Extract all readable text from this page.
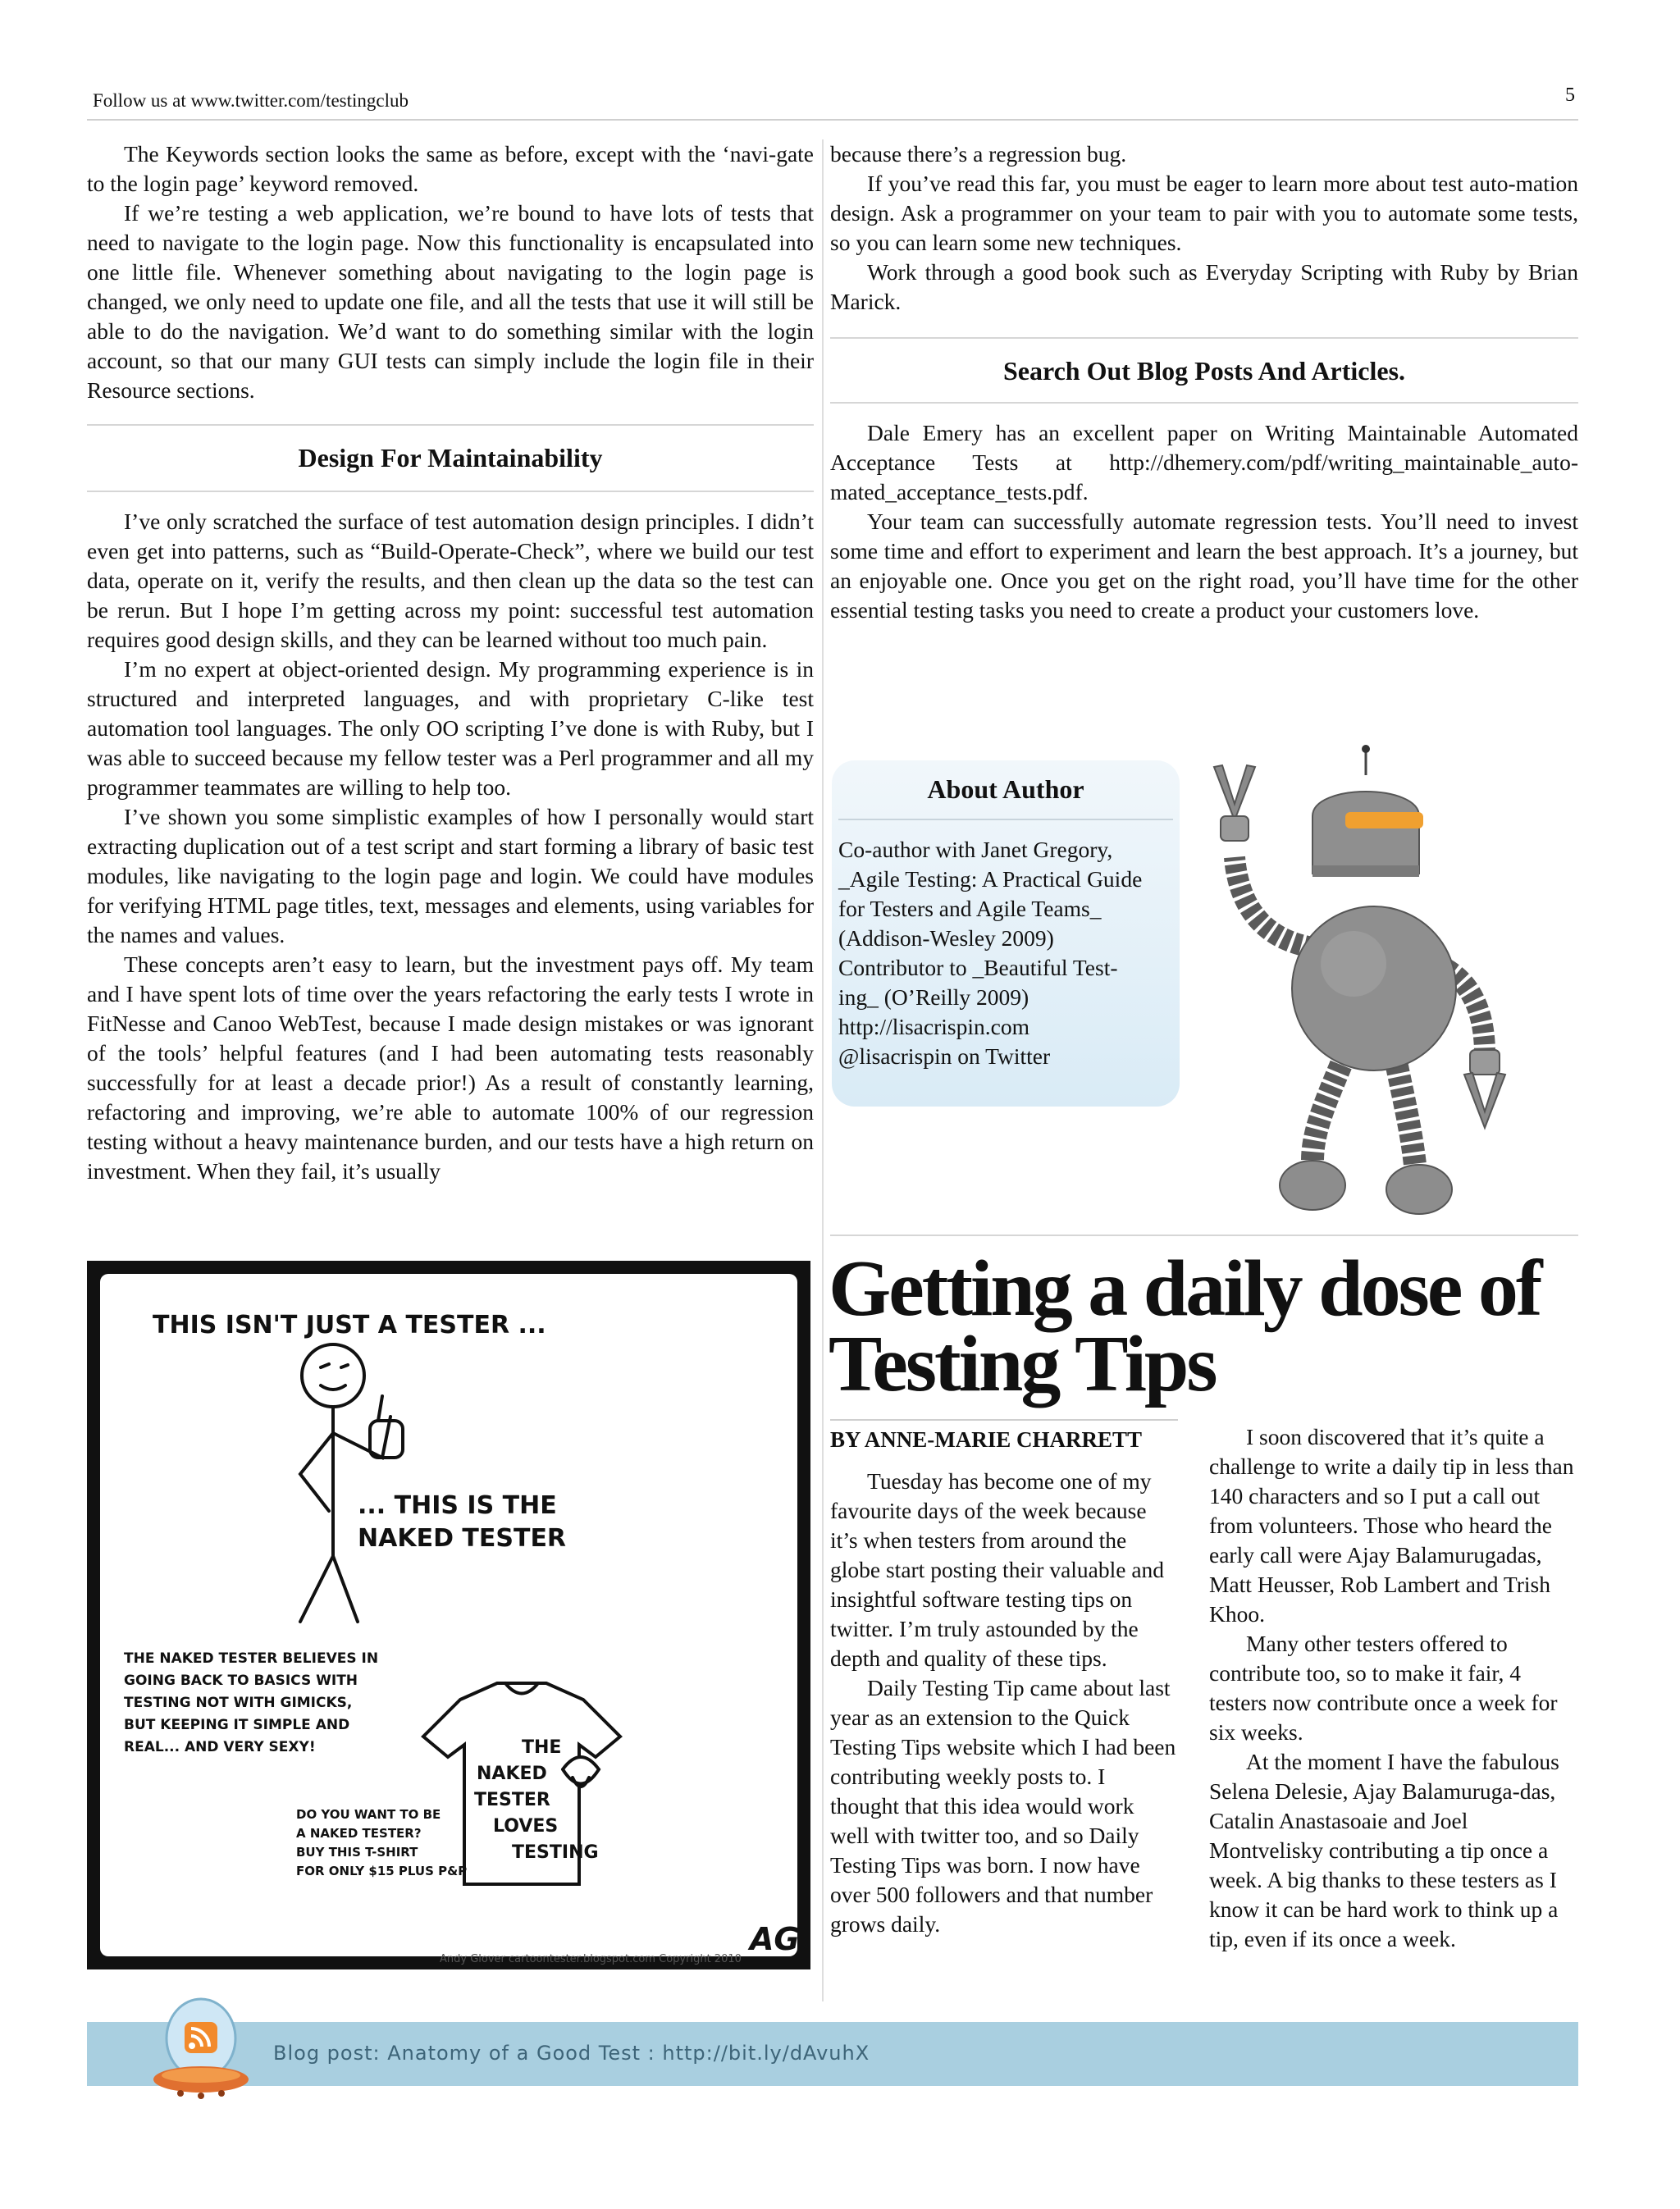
Follow us at www.twitter.com/testingclub	5

The Keywords section looks the same as before, except with the ‘navi-gate to the login page’ keyword removed.

If we’re testing a web application, we’re bound to have lots of tests that need to navigate to the login page. Now this functionality is encapsulated into one little file. Whenever something about navigating to the login page is changed, we only need to update one file, and all the tests that use it will still be able to do the navigation. We’d want to do something similar with the login account, so that our many GUI tests can simply include the login file in their Resource sections.

Design For Maintainability

I’ve only scratched the surface of test automation design principles. I didn’t even get into patterns, such as “Build-Operate-Check”, where we build our test data, operate on it, verify the results, and then clean up the data so the test can be rerun. But I hope I’m getting across my point: successful test automation requires good design skills, and they can be learned without too much pain.

I’m no expert at object-oriented design. My programming experience is in structured and interpreted languages, and with proprietary C-like test automation tool languages. The only OO scripting I’ve done is with Ruby, but I was able to succeed because my fellow tester was a Perl programmer and all my programmer teammates are willing to help too.

I’ve shown you some simplistic examples of how I personally would start extracting duplication out of a test script and start forming a library of basic test modules, like navigating to the login page and login. We could have modules for verifying HTML page titles, text, messages and elements, using variables for the names and values.

These concepts aren’t easy to learn, but the investment pays off. My team and I have spent lots of time over the years refactoring the early tests I wrote in FitNesse and Canoo WebTest, because I made design mistakes or was ignorant of the tools’ helpful features (and I had been automating tests reasonably successfully for at least a decade prior!) As a result of constantly learning, refactoring and improving, we’re able to automate 100% of our regression testing without a heavy maintenance burden, and our tests have a high return on investment. When they fail, it’s usually

because there’s a regression bug.

If you’ve read this far, you must be eager to learn more about test auto-mation design. Ask a programmer on your team to pair with you to automate some tests, so you can learn some new techniques.

Work through a good book such as Everyday Scripting with Ruby by Brian Marick.

Search Out Blog Posts And Articles.

Dale Emery has an excellent paper on Writing Maintainable Automated Acceptance Tests at http://dhemery.com/pdf/writing_maintainable_auto-mated_acceptance_tests.pdf.

Your team can successfully automate regression tests. You’ll need to invest some time and effort to experiment and learn the best approach. It’s a journey, but an enjoyable one. Once you get on the right road, you’ll have time for the other essential testing tasks you need to create a product your customers love.

About Author
Co-author with Janet Gregory,
_Agile Testing: A Practical Guide
for Testers and Agile Teams_
(Addison-Wesley 2009)
Contributor to _Beautiful Test-
ing_ (O’Reilly 2009)
http://lisacrispin.com
@lisacrispin on Twitter
Getting a daily dose of
Testing Tips
BY ANNE-MARIE CHARRETT

Tuesday has become one of my favourite days of the week because it’s when testers from around the globe start posting their valuable and insightful software testing tips on twitter. I’m truly astounded by the depth and quality of these tips.

Daily Testing Tip came about last year as an extension to the Quick Testing Tips website which I had been contributing weekly posts to. I thought that this idea would work well with twitter too, and so Daily Testing Tips was born. I now have over 500 followers and that number grows daily.

I soon discovered that it’s quite a challenge to write a daily tip in less than 140 characters and so I put a call out from volunteers. Those who heard the early call were Ajay Balamurugadas, Matt Heusser, Rob Lambert and Trish Khoo.

Many other testers offered to contribute too, so to make it fair, 4 testers now contribute once a week for six weeks.

At the moment I have the fabulous Selena Delesie, Ajay Balamuruga-das, Catalin Anastasoaie and Joel Montvelisky contributing a tip once a week. A big thanks to these testers as I know it can be hard work to think up a tip, even if its once a week.

THIS ISN'T JUST A TESTER ...
... THIS IS THE
NAKED TESTER
THE NAKED TESTER BELIEVES IN
GOING BACK TO BASICS WITH
TESTING NOT WITH GIMICKS,
BUT KEEPING IT SIMPLE AND
REAL... AND VERY SEXY!
DO YOU WANT TO BE
A NAKED TESTER?
BUY THIS T-SHIRT
FOR ONLY $15 PLUS P&P
THE
NAKED
TESTER
LOVES
TESTING
AG
Andy Glover cartoontester.blogspot.com Copyright 2010
Blog post: Anatomy of a Good Test : http://bit.ly/dAvuhX
